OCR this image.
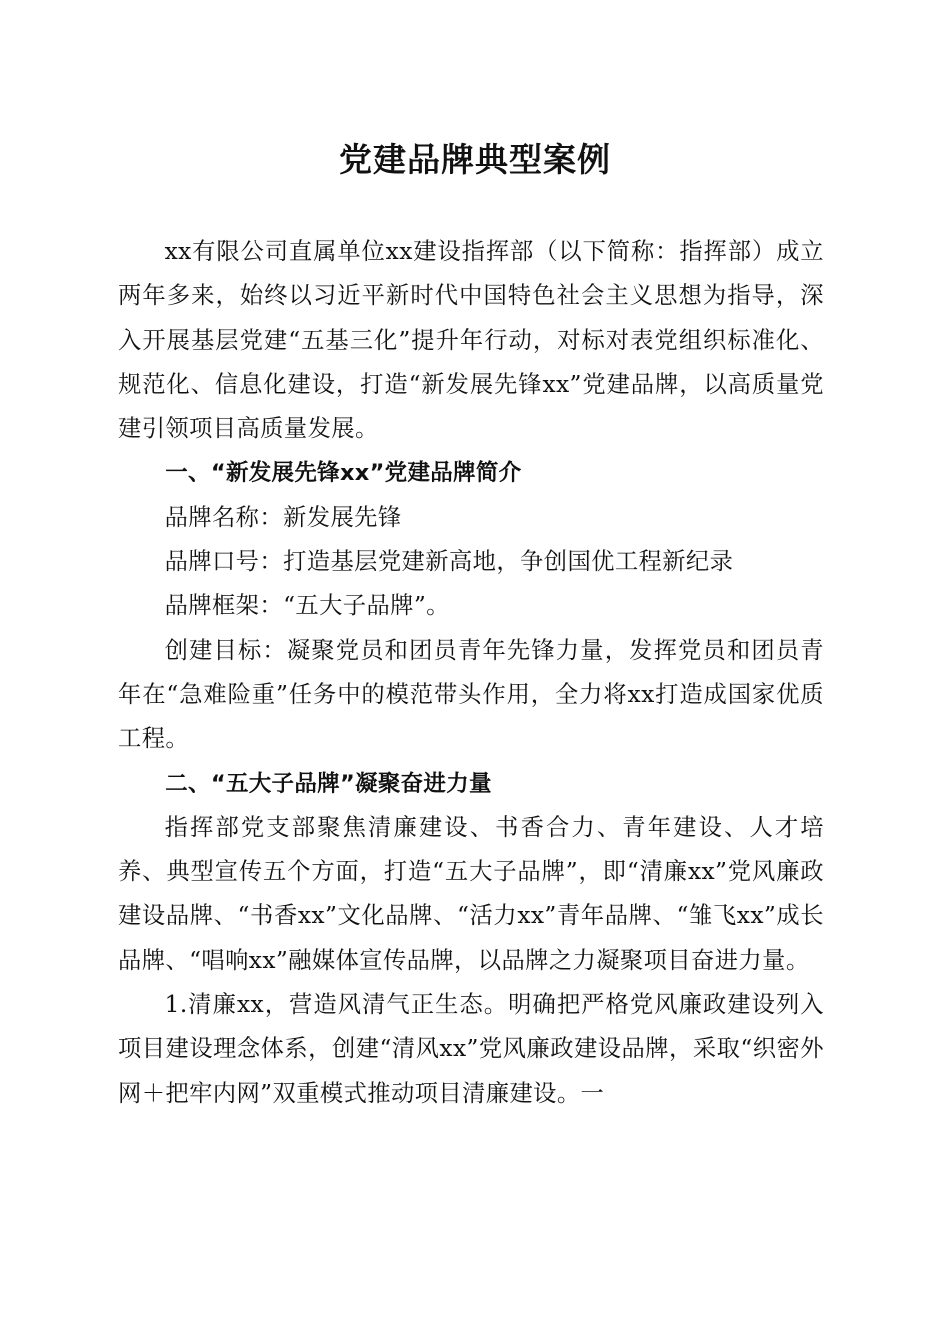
党建品牌典型案例

xx有限公司直属单位xx建设指挥部（以下简称：指挥部）成立两年多来，始终以习近平新时代中国特色社会主义思想为指导，深入开展基层党建“五基三化”提升年行动，对标对表党组织标准化、规范化、信息化建设，打造“新发展先锋xx”党建品牌，以高质量党建引领项目高质量发展。

一、“新发展先锋xx”党建品牌简介

品牌名称：新发展先锋

品牌口号：打造基层党建新高地，争创国优工程新纪录

品牌框架：“五大子品牌”。

创建目标：凝聚党员和团员青年先锋力量，发挥党员和团员青年在“急难险重”任务中的模范带头作用，全力将xx打造成国家优质工程。

二、“五大子品牌”凝聚奋进力量

指挥部党支部聚焦清廉建设、书香合力、青年建设、人才培养、典型宣传五个方面，打造“五大子品牌”，即“清廉xx”党风廉政建设品牌、“书香xx”文化品牌、“活力xx”青年品牌、“雏飞xx”成长品牌、“唱响xx”融媒体宣传品牌，以品牌之力凝聚项目奋进力量。

1.清廉xx，营造风清气正生态。明确把严格党风廉政建设列入项目建设理念体系，创建“清风xx”党风廉政建设品牌，采取“织密外网＋把牢内网”双重模式推动项目清廉建设。一
